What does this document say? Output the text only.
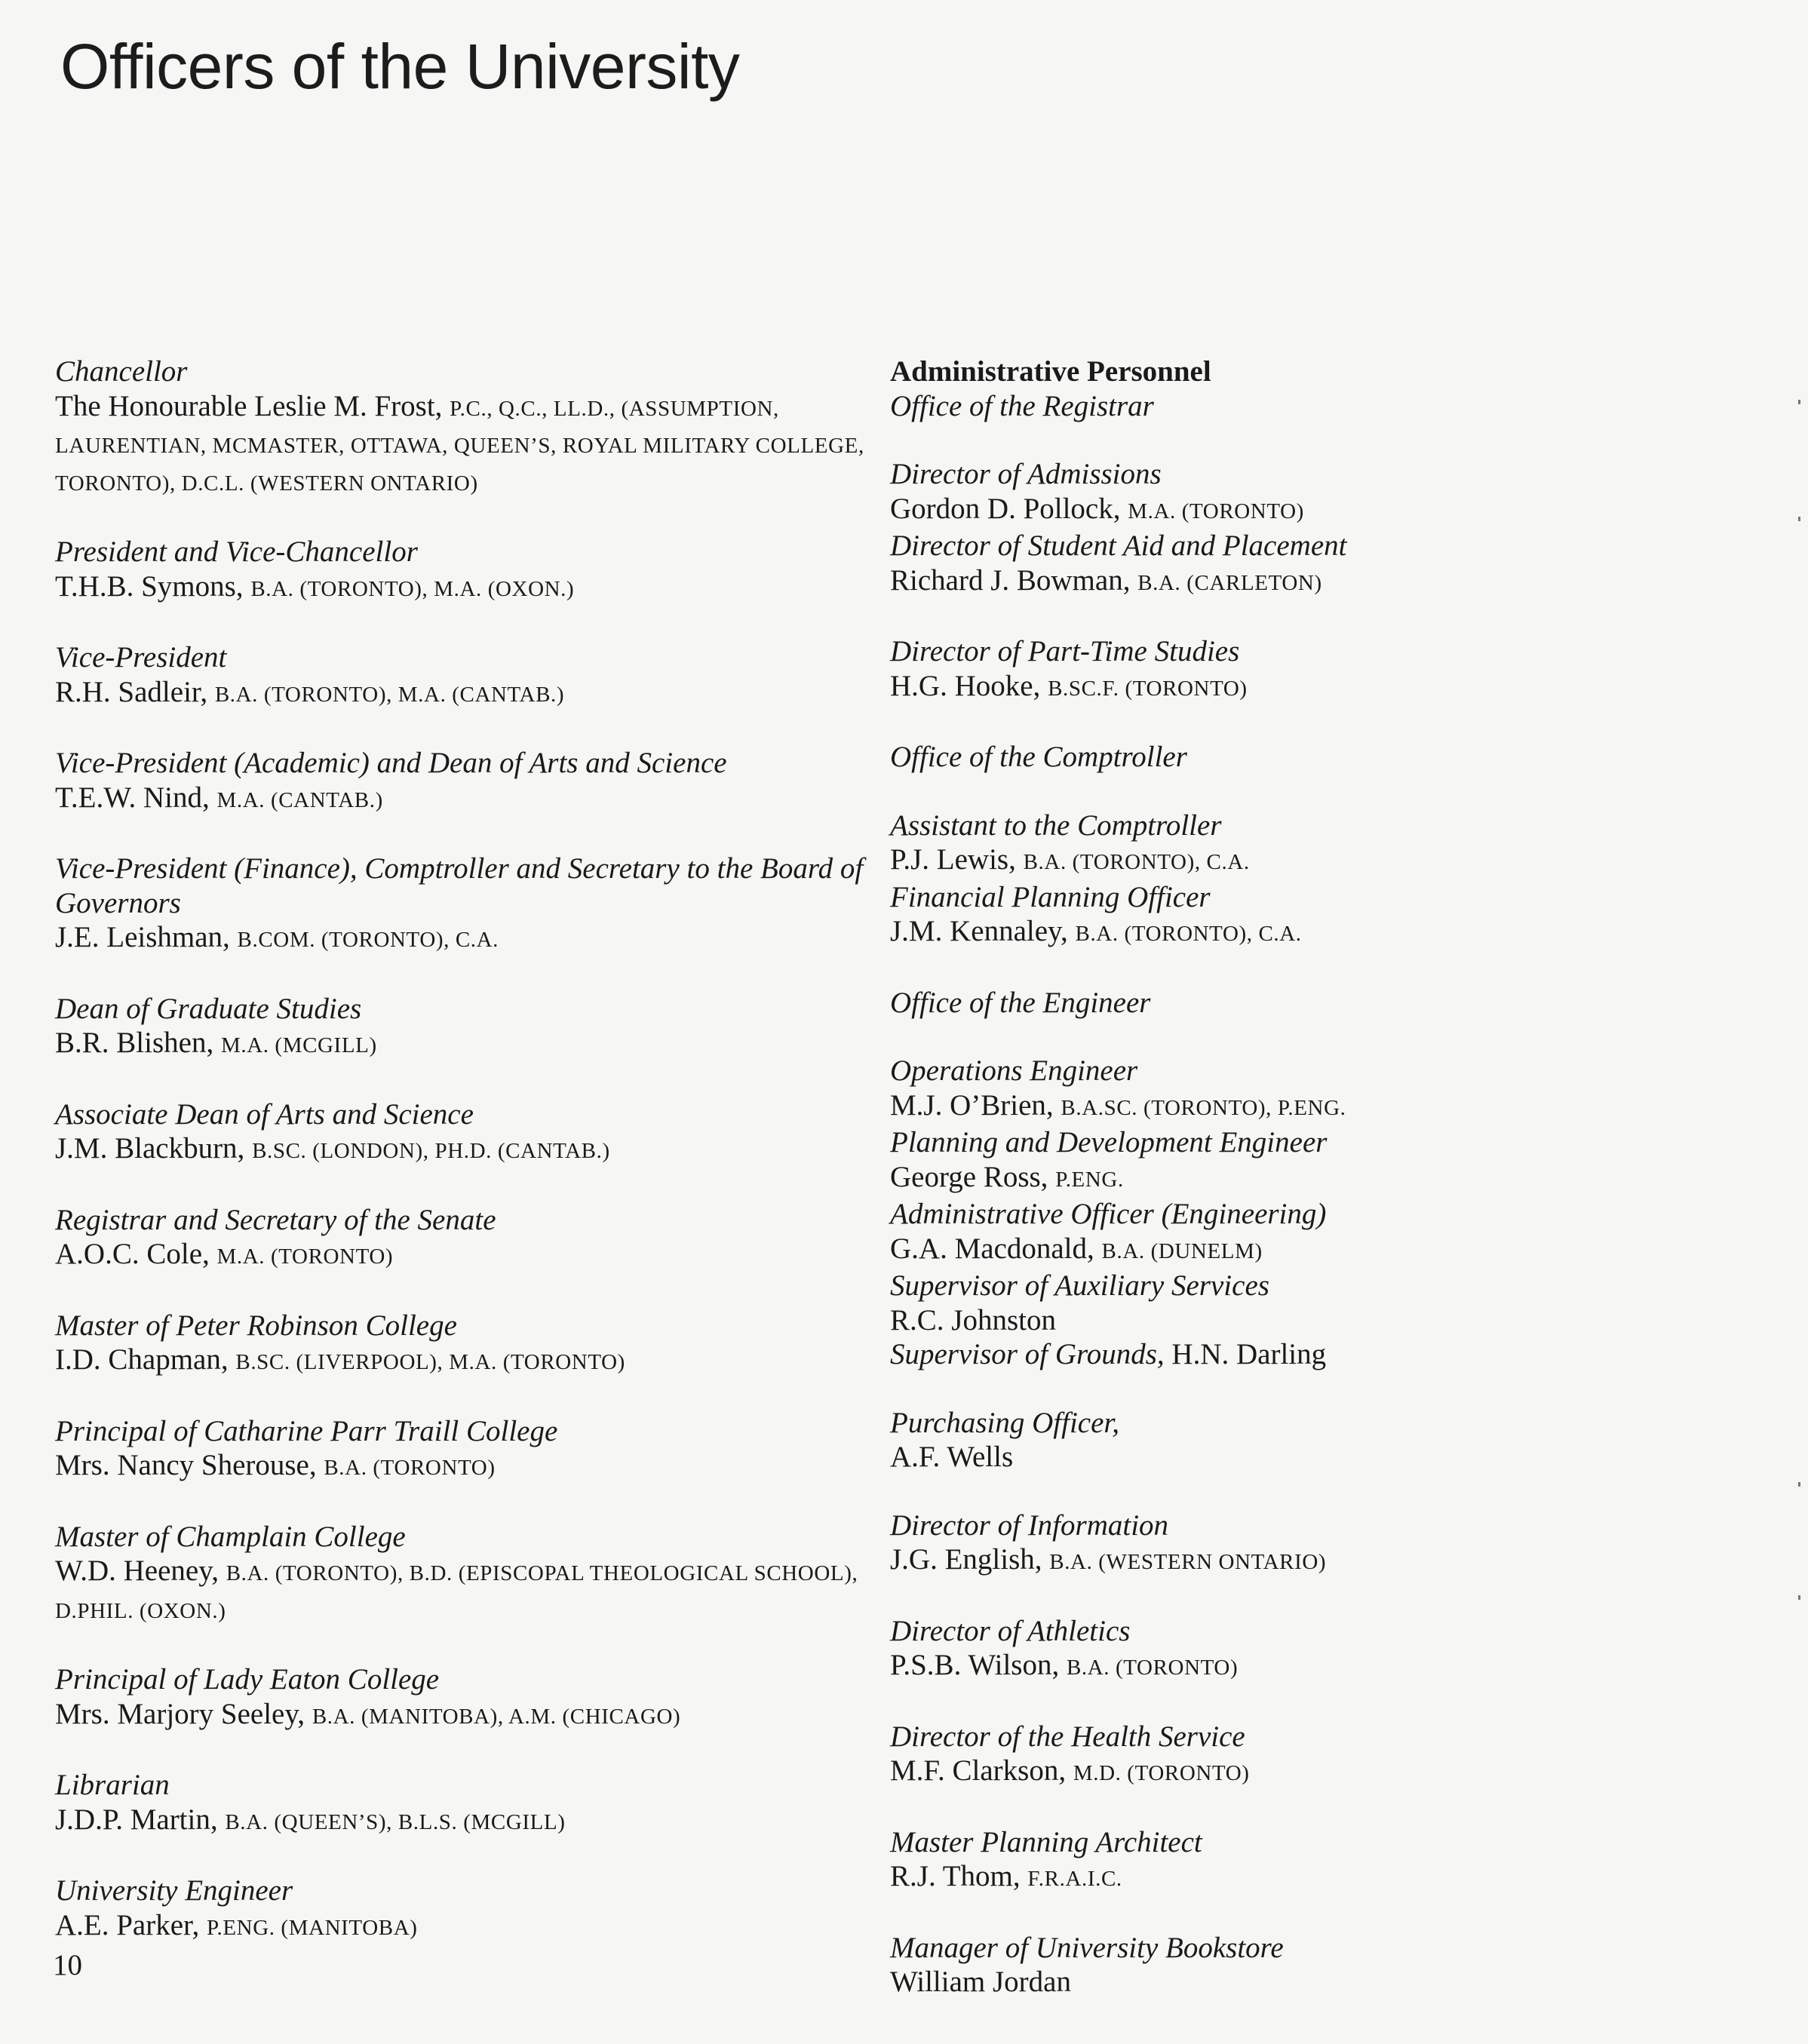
Officers of the University
Chancellor
The Honourable Leslie M. Frost, P.C., Q.C., LL.D., (ASSUMPTION, LAURENTIAN, MCMASTER, OTTAWA, QUEEN’S, ROYAL MILITARY COLLEGE, TORONTO), D.C.L. (WESTERN ONTARIO)
President and Vice-Chancellor
T.H.B. Symons, B.A. (TORONTO), M.A. (OXON.)
Vice-President
R.H. Sadleir, B.A. (TORONTO), M.A. (CANTAB.)
Vice-President (Academic) and Dean of Arts and Science
T.E.W. Nind, M.A. (CANTAB.)
Vice-President (Finance), Comptroller and Secretary to the Board of Governors
J.E. Leishman, B.COM. (TORONTO), C.A.
Dean of Graduate Studies
B.R. Blishen, M.A. (MCGILL)
Associate Dean of Arts and Science
J.M. Blackburn, B.SC. (LONDON), PH.D. (CANTAB.)
Registrar and Secretary of the Senate
A.O.C. Cole, M.A. (TORONTO)
Master of Peter Robinson College
I.D. Chapman, B.SC. (LIVERPOOL), M.A. (TORONTO)
Principal of Catharine Parr Traill College
Mrs. Nancy Sherouse, B.A. (TORONTO)
Master of Champlain College
W.D. Heeney, B.A. (TORONTO), B.D. (EPISCOPAL THEOLOGICAL SCHOOL), D.PHIL. (OXON.)
Principal of Lady Eaton College
Mrs. Marjory Seeley, B.A. (MANITOBA), A.M. (CHICAGO)
Librarian
J.D.P. Martin, B.A. (QUEEN’S), B.L.S. (MCGILL)
University Engineer
A.E. Parker, P.ENG. (MANITOBA)
Administrative Personnel
Office of the Registrar
Director of Admissions
Gordon D. Pollock, M.A. (TORONTO)
Director of Student Aid and Placement
Richard J. Bowman, B.A. (CARLETON)
Director of Part-Time Studies
H.G. Hooke, B.SC.F. (TORONTO)
Office of the Comptroller
Assistant to the Comptroller
P.J. Lewis, B.A. (TORONTO), C.A.
Financial Planning Officer
J.M. Kennaley, B.A. (TORONTO), C.A.
Office of the Engineer
Operations Engineer
M.J. O’Brien, B.A.SC. (TORONTO), P.ENG.
Planning and Development Engineer
George Ross, P.ENG.
Administrative Officer (Engineering)
G.A. Macdonald, B.A. (DUNELM)
Supervisor of Auxiliary Services
R.C. Johnston
Supervisor of Grounds, H.N. Darling
Purchasing Officer,
A.F. Wells
Director of Information
J.G. English, B.A. (WESTERN ONTARIO)
Director of Athletics
P.S.B. Wilson, B.A. (TORONTO)
Director of the Health Service
M.F. Clarkson, M.D. (TORONTO)
Master Planning Architect
R.J. Thom, F.R.A.I.C.
Manager of University Bookstore
William Jordan
10
